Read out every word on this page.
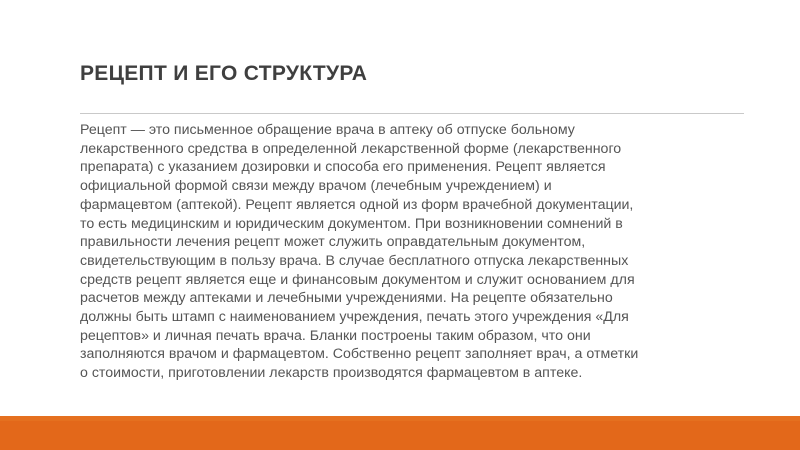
РЕЦЕПТ И ЕГО СТРУКТУРА
Рецепт — это письменное обращение врача в аптеку об отпуске больному
лекарственного средства в определенной лекарственной форме (лекарственного
препарата) с указанием дозировки и способа его применения. Рецепт является
официальной формой связи между врачом (лечебным учреждением) и
фармацевтом (аптекой). Рецепт является одной из форм врачебной документации,
то есть медицинским и юридическим документом. При возникновении сомнений в
правильности лечения рецепт может служить оправдательным документом,
свидетельствующим в пользу врача. В случае бесплатного отпуска лекарственных
средств рецепт является еще и финансовым документом и служит основанием для
расчетов между аптеками и лечебными учреждениями. На рецепте обязательно
должны быть штамп с наименованием учреждения, печать этого учреждения «Для
рецептов» и личная печать врача. Бланки построены таким образом, что они
заполняются врачом и фармацевтом. Собственно рецепт заполняет врач, а отметки
о стоимости, приготовлении лекарств производятся фармацевтом в аптеке.
